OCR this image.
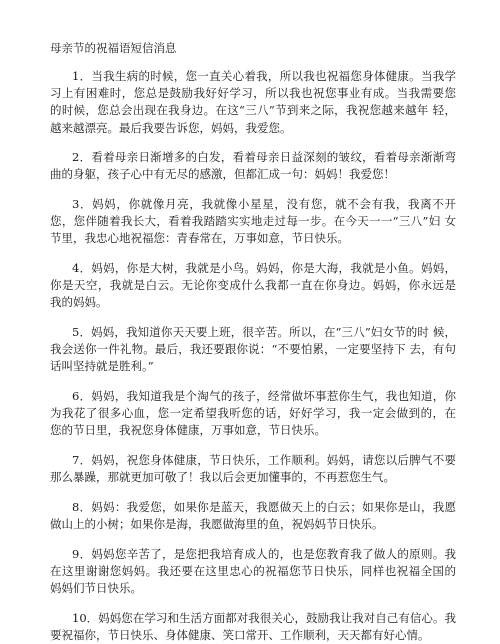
母亲节的祝福语短信消息

1．当我生病的时候，您一直关心着我，所以我也祝福您身体健康。当我学 习上有困难时，您总是鼓励我好好学习，所以我也祝您事业有成。当我需要您 的时候，您总会出现在我身边。在这“三八”节到来之际，我祝您越来越年 轻，越来越漂亮。最后我要告诉您，妈妈，我爱您。

2．看着母亲日渐增多的白发，看着母亲日益深刻的皱纹，看着母亲渐渐弯 曲的身躯，孩子心中有无尽的感激，但都汇成一句：妈妈！我爱您！

3．妈妈，你就像月亮，我就像小星星，没有您，就不会有我，我离不开您，您伴随着我长大，看着我踏踏实实地走过每一步。在今天一一“三八”妇 女节里，我忠心地祝福您：青春常在，万事如意，节日快乐。

4．妈妈，你是大树，我就是小鸟。妈妈，你是大海，我就是小鱼。妈妈，你是天空，我就是白云。无论你变成什么我都一直在你身边。妈妈，你永远是 我的妈妈。

5．妈妈，我知道你天天要上班，很辛苦。所以，在“三八”妇女节的时 候，我会送你一件礼物。最后，我还要跟你说：“不要怕累，一定要坚持下 去，有句话叫坚持就是胜利。”

6．妈妈，我知道我是个淘气的孩子，经常做坏事惹你生气，我也知道，你 为我花了很多心血，您一定希望我听您的话，好好学习，我一定会做到的，在 您的节日里，我祝您身体健康，万事如意，节日快乐。

7．妈妈，祝您身体健康，节日快乐，工作顺利。妈妈，请您以后脾气不要 那么暴躁，那就更加可敬了！我以后会更加懂事的，不再惹您生气。

8．妈妈：我爱您，如果你是蓝天，我愿做天上的白云；如果你是山，我愿 做山上的小树；如果你是海，我愿做海里的鱼，祝妈妈节日快乐。

9．妈妈您辛苦了，是您把我培育成人的，也是您教育我了做人的原则。我 在这里谢谢您妈妈。我还要在这里忠心的祝福您节日快乐，同样也祝福全国的 妈妈们节日快乐。

10．妈妈您在学习和生活方面都对我很关心，鼓励我让我对自己有信心。我要祝福你，节日快乐、身体健康、笑口常开、工作顺利，天天都有好心情。
